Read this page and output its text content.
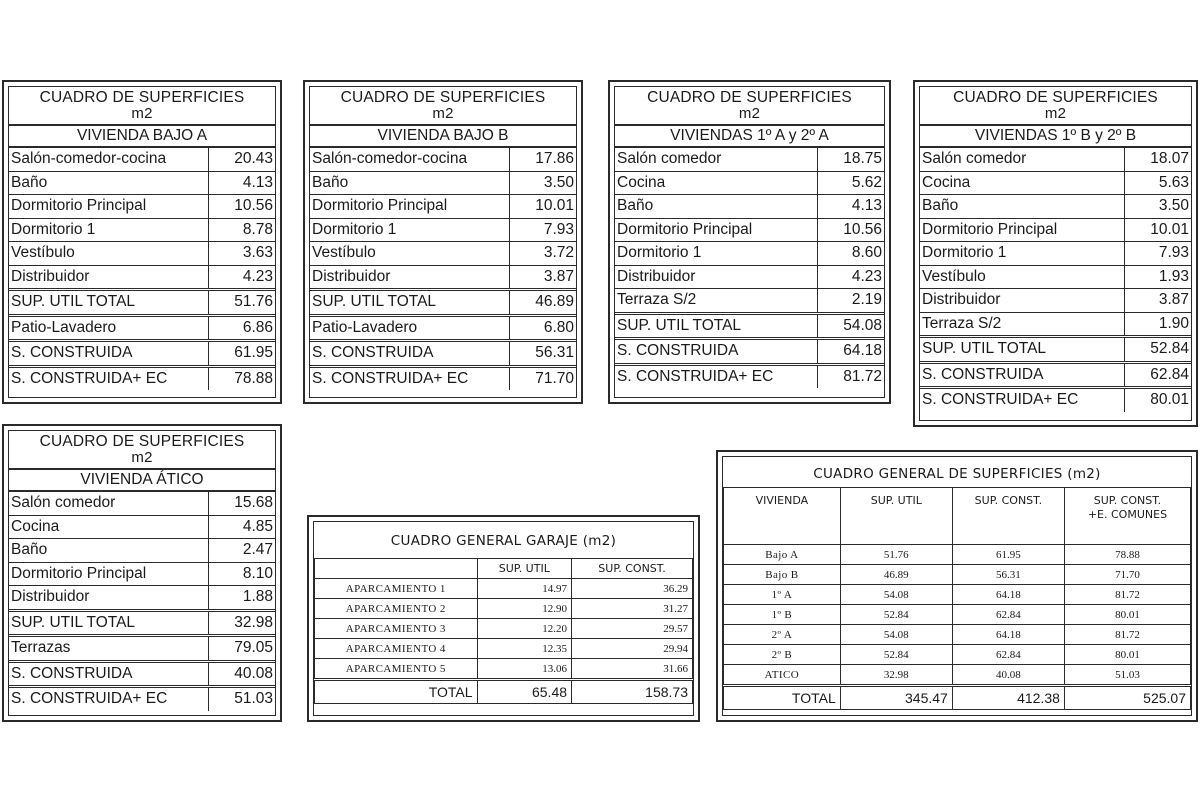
CUADRO DE SUPERFICIES
m2
VIVIENDA BAJO A
Salón-comedor-cocina	20.43
Baño	4.13
Dormitorio Principal	10.56
Dormitorio 1	8.78
Vestíbulo	3.63
Distribuidor	4.23
SUP. UTIL TOTAL	51.76
Patio-Lavadero	6.86
S. CONSTRUIDA	61.95
S. CONSTRUIDA+ EC	78.88
CUADRO DE SUPERFICIES
m2
VIVIENDA BAJO B
Salón-comedor-cocina	17.86
Baño	3.50
Dormitorio Principal	10.01
Dormitorio 1	7.93
Vestíbulo	3.72
Distribuidor	3.87
SUP. UTIL TOTAL	46.89
Patio-Lavadero	6.80
S. CONSTRUIDA	56.31
S. CONSTRUIDA+ EC	71.70
CUADRO DE SUPERFICIES
m2
VIVIENDAS 1º A y 2º A
Salón comedor	18.75
Cocina	5.62
Baño	4.13
Dormitorio Principal	10.56
Dormitorio 1	8.60
Distribuidor	4.23
Terraza S/2	2.19
SUP. UTIL TOTAL	54.08
S. CONSTRUIDA	64.18
S. CONSTRUIDA+ EC	81.72
CUADRO DE SUPERFICIES
m2
VIVIENDAS 1º B y 2º B
Salón comedor	18.07
Cocina	5.63
Baño	3.50
Dormitorio Principal	10.01
Dormitorio 1	7.93
Vestíbulo	1.93
Distribuidor	3.87
Terraza S/2	1.90
SUP. UTIL TOTAL	52.84
S. CONSTRUIDA	62.84
S. CONSTRUIDA+ EC	80.01
CUADRO DE SUPERFICIES
m2
VIVIENDA ÁTICO
Salón comedor	15.68
Cocina	4.85
Baño	2.47
Dormitorio Principal	8.10
Distribuidor	1.88
SUP. UTIL TOTAL	32.98
Terrazas	79.05
S. CONSTRUIDA	40.08
S. CONSTRUIDA+ EC	51.03
CUADRO GENERAL GARAJE (m2)
	SUP. UTIL	SUP. CONST.
APARCAMIENTO 1	14.97	36.29
APARCAMIENTO 2	12.90	31.27
APARCAMIENTO 3	12.20	29.57
APARCAMIENTO 4	12.35	29.94
APARCAMIENTO 5	13.06	31.66
TOTAL	65.48	158.73
CUADRO GENERAL DE SUPERFICIES (m2)
VIVIENDA	SUP. UTIL	SUP. CONST.	SUP. CONST.
+E. COMUNES
Bajo A	51.76	61.95	78.88
Bajo B	46.89	56.31	71.70
1º A	54.08	64.18	81.72
1º B	52.84	62.84	80.01
2º A	54.08	64.18	81.72
2º B	52.84	62.84	80.01
ATICO	32.98	40.08	51.03
TOTAL	345.47	412.38	525.07
